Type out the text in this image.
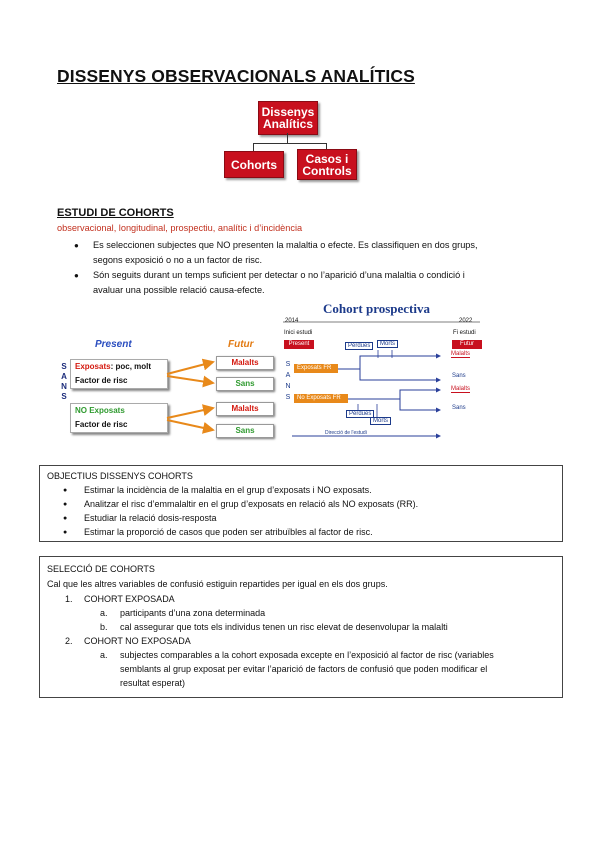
DISSENYS OBSERVACIONALS ANALÍTICS
Dissenys Analítics
Cohorts	Casos i Controls
ESTUDI DE COHORTS
observacional, longitudinal, prospectiu, analític i d’incidència
● Es seleccionen subjectes que NO presenten la malaltia o efecte. Es classifiquen en dos grups,
segons exposició o no a un factor de risc.
● Són seguits durant un temps suficient per detectar o no l’aparició d’una malaltia o condició i
avaluar una possible relació causa-efecte.
Present	Futur
S
A
N
S
Exposats: poc, molt
Factor de risc
NO Exposats
Factor de risc
Malalts
Sans
Malalts
Sans
Cohort prospectiva
2014	2022
Inici estudi	Fi estudi
Present	Futur
Pèrdues	Morts
S
A
N
S
Exposats FR
No Exposats FR
Pèrdues
Morts
Malalts
Sans
Malalts
Sans
Direcció de l'estudi
OBJECTIUS DISSENYS COHORTS
● Estimar la incidència de la malaltia en el grup d’exposats i NO exposats.
● Analitzar el risc d’emmalaltir en el grup d’exposats en relació als NO exposats (RR).
● Estudiar la relació dosis-resposta
● Estimar la proporció de casos que poden ser atribuïbles al factor de risc.
SELECCIÓ DE COHORTS
Cal que les altres variables de confusió estiguin repartides per igual en els dos grups.
1. COHORT EXPOSADA
a. participants d’una zona determinada
b. cal assegurar que tots els individus tenen un risc elevat de desenvolupar la malalti
2. COHORT NO EXPOSADA
a. subjectes comparables a la cohort exposada excepte en l’exposició al factor de risc (variables
semblants al grup exposat per evitar l’aparició de factors de confusió que poden modificar el
resultat esperat)
